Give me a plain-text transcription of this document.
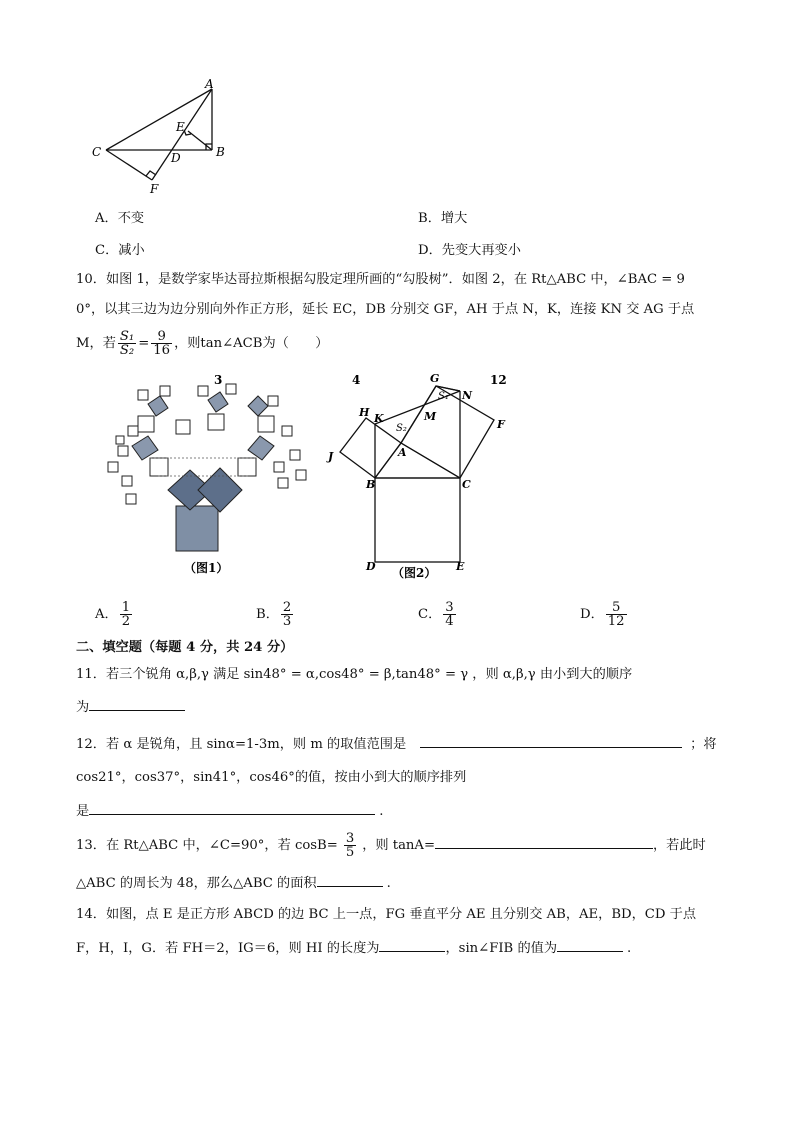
A
E
C	D	B
F
A．不变	B．增大
C．减小	D．先变大再变小
10．如图 1，是数学家毕达哥拉斯根据勾股定理所画的“勾股树”．如图 2，在 Rt△ABC 中，∠BAC = 9
0°，以其三边为边分别向外作正方形，延长 EC，DB 分别交 GF，AH 于点 N，K，连接 KN 交 AG 于点
M，若 $\frac{\text{S₁}}{\text{S₂}} = \frac{9}{16}$ ，则tan∠ACB为（　　）
3
（图1）
4	12
G
N
S₁
H K	M
S₂	F
J	A
B	C
D	E
（图2）
A． $\frac{1}{2}$	B． $\frac{2}{3}$	C． $\frac{3}{4}$	D． $\frac{5}{12}$
二、填空题（每题 4 分，共 24 分）
11．若三个锐角 α,β,γ 满足 sin48° = α,cos48° = β,tan48° = γ ，则 α,β,γ 由小到大的顺序
为
12．若 α 是锐角，且 sinα=1-3m，则 m 的取值范围是	；将
cos21°，cos37°，sin41°，cos46°的值，按由小到大的顺序排列
是	.
13．在 Rt△ABC 中，∠C=90°，若 $\cos B= \frac{3}{5}$ ，则 tanA=	，若此时
△ABC 的周长为 48，那么△ABC 的面积	.
14．如图，点 E 是正方形 ABCD 的边 BC 上一点，FG 垂直平分 AE 且分别交 AB，AE，BD，CD 于点
F，H，I，G．若 FH＝2，IG＝6，则 HI 的长度为	，sin∠FIB 的值为	.
